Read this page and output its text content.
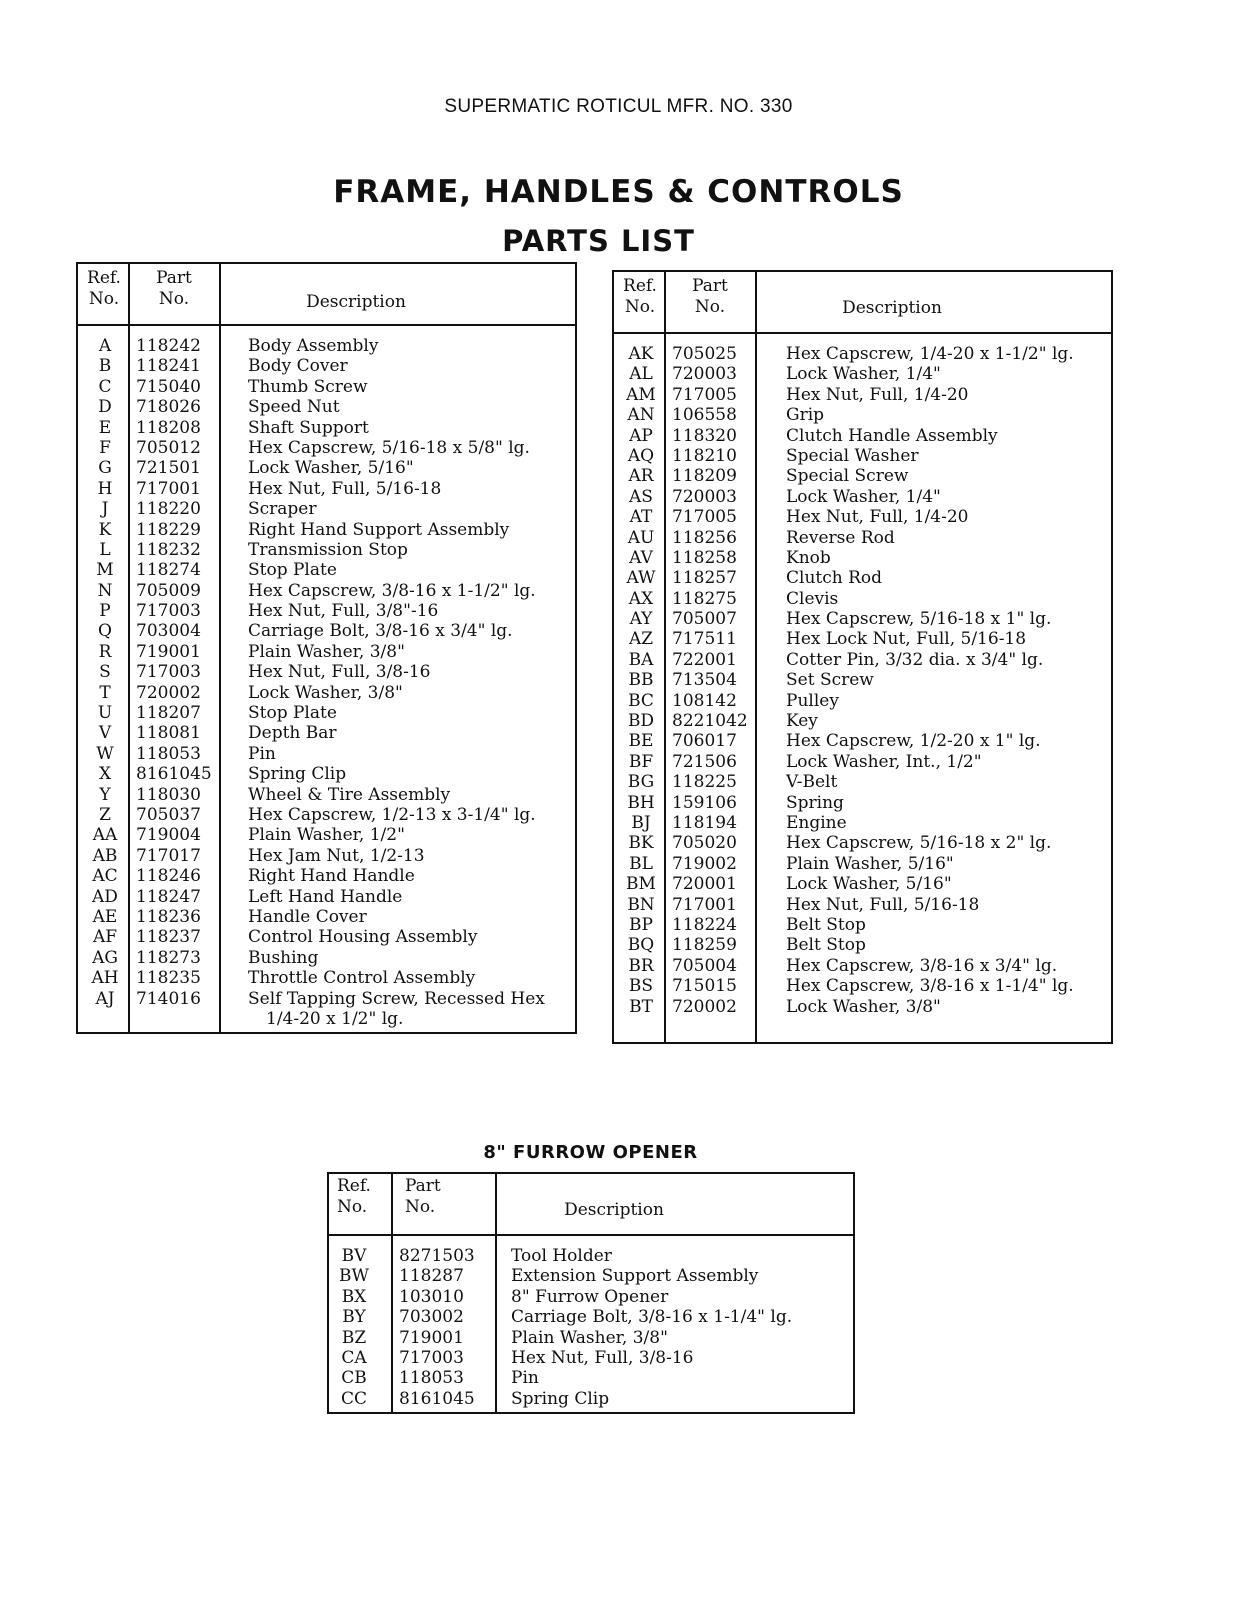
SUPERMATIC ROTICUL MFR. NO. 330
FRAME, HANDLES & CONTROLS
PARTS LIST
Ref.
No.
Part
No.	Description
A	118242	Body Assembly
B	118241	Body Cover
C	715040	Thumb Screw
D	718026	Speed Nut
E	118208	Shaft Support
F	705012	Hex Capscrew, 5/16-18 x 5/8" lg.
G	721501	Lock Washer, 5/16"
H	717001	Hex Nut, Full, 5/16-18
J	118220	Scraper
K	118229	Right Hand Support Assembly
L	118232	Transmission Stop
M	118274	Stop Plate
N	705009	Hex Capscrew, 3/8-16 x 1-1/2" lg.
P	717003	Hex Nut, Full, 3/8"-16
Q	703004	Carriage Bolt, 3/8-16 x 3/4" lg.
R	719001	Plain Washer, 3/8"
S	717003	Hex Nut, Full, 3/8-16
T	720002	Lock Washer, 3/8"
U	118207	Stop Plate
V	118081	Depth Bar
W	118053	Pin
X	8161045 Spring Clip
Y	118030	Wheel & Tire Assembly
Z	705037	Hex Capscrew, 1/2-13 x 3-1/4" lg.
AA	719004	Plain Washer, 1/2"
AB	717017	Hex Jam Nut, 1/2-13
AC	118246	Right Hand Handle
AD	118247	Left Hand Handle
AE	118236	Handle Cover
AF	118237	Control Housing Assembly
AG	118273	Bushing
AH	118235	Throttle Control Assembly
AJ	714016	Self Tapping Screw, Recessed Hex
1/4-20 x 1/2" lg.
Ref.
No.
Part
No.	Description
AK	705025	Hex Capscrew, 1/4-20 x 1-1/2" lg.
AL	720003	Lock Washer, 1/4"
AM 717005	Hex Nut, Full, 1/4-20
AN	106558	Grip
AP	118320	Clutch Handle Assembly
AQ	118210	Special Washer
AR	118209	Special Screw
AS	720003	Lock Washer, 1/4"
AT	717005	Hex Nut, Full, 1/4-20
AU	118256	Reverse Rod
AV	118258	Knob
AW 118257	Clutch Rod
AX	118275	Clevis
AY	705007	Hex Capscrew, 5/16-18 x 1" lg.
AZ	717511	Hex Lock Nut, Full, 5/16-18
BA	722001	Cotter Pin, 3/32 dia. x 3/4" lg.
BB	713504	Set Screw
BC	108142	Pulley
BD	8221042 Key
BE	706017	Hex Capscrew, 1/2-20 x 1" lg.
BF	721506	Lock Washer, Int., 1/2"
BG	118225	V-Belt
BH	159106	Spring
BJ	118194	Engine
BK	705020	Hex Capscrew, 5/16-18 x 2" lg.
BL	719002	Plain Washer, 5/16"
BM 720001	Lock Washer, 5/16"
BN	717001	Hex Nut, Full, 5/16-18
BP	118224	Belt Stop
BQ	118259	Belt Stop
BR	705004	Hex Capscrew, 3/8-16 x 3/4" lg.
BS	715015	Hex Capscrew, 3/8-16 x 1-1/4" lg.
BT	720002	Lock Washer, 3/8"
8" FURROW OPENER
Ref.
No.
Part
No.	Description
BV	8271503 Tool Holder
BW	118287	Extension Support Assembly
BX	103010	8" Furrow Opener
BY	703002	Carriage Bolt, 3/8-16 x 1-1/4" lg.
BZ	719001	Plain Washer, 3/8"
CA	717003	Hex Nut, Full, 3/8-16
CB	118053	Pin
CC	8161045 Spring Clip
